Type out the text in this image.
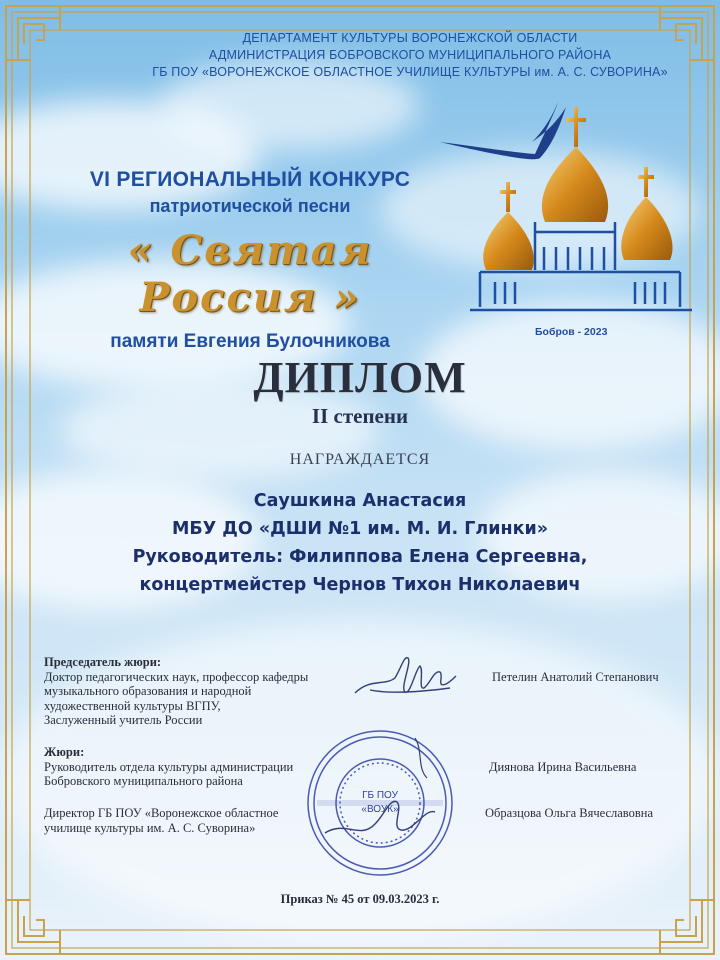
ДЕПАРТАМЕНТ КУЛЬТУРЫ ВОРОНЕЖСКОЙ ОБЛАСТИ
АДМИНИСТРАЦИЯ БОБРОВСКОГО МУНИЦИПАЛЬНОГО РАЙОНА
ГБ ПОУ «ВОРОНЕЖСКОЕ ОБЛАСТНОЕ УЧИЛИЩЕ КУЛЬТУРЫ им. А. С. СУВОРИНА»
VI РЕГИОНАЛЬНЫЙ КОНКУРС
патриотической песни
« Святая Россия »
памяти Евгения Булочникова	Бобров - 2023
ДИПЛОМ
II степени
НАГРАЖДАЕТСЯ
Саушкина Анастасия
МБУ ДО «ДШИ №1 им. М. И. Глинки»
Руководитель: Филиппова Елена Сергеевна,
концертмейстер Чернов Тихон Николаевич
Председатель жюри:
Доктор педагогических наук, профессор кафедры
музыкального образования и народной
художественной культуры ВГПУ,
Заслуженный учитель России
Петелин Анатолий Степанович
Жюри:
Руководитель отдела культуры администрации
Бобровского муниципального района
Диянова Ирина Васильевна
Директор ГБ ПОУ «Воронежское областное
училище культуры им. А. С. Суворина»
Образцова Ольга Вячеславовна
ГБ ПОУ
«ВОУК»
Приказ № 45 от 09.03.2023 г.
